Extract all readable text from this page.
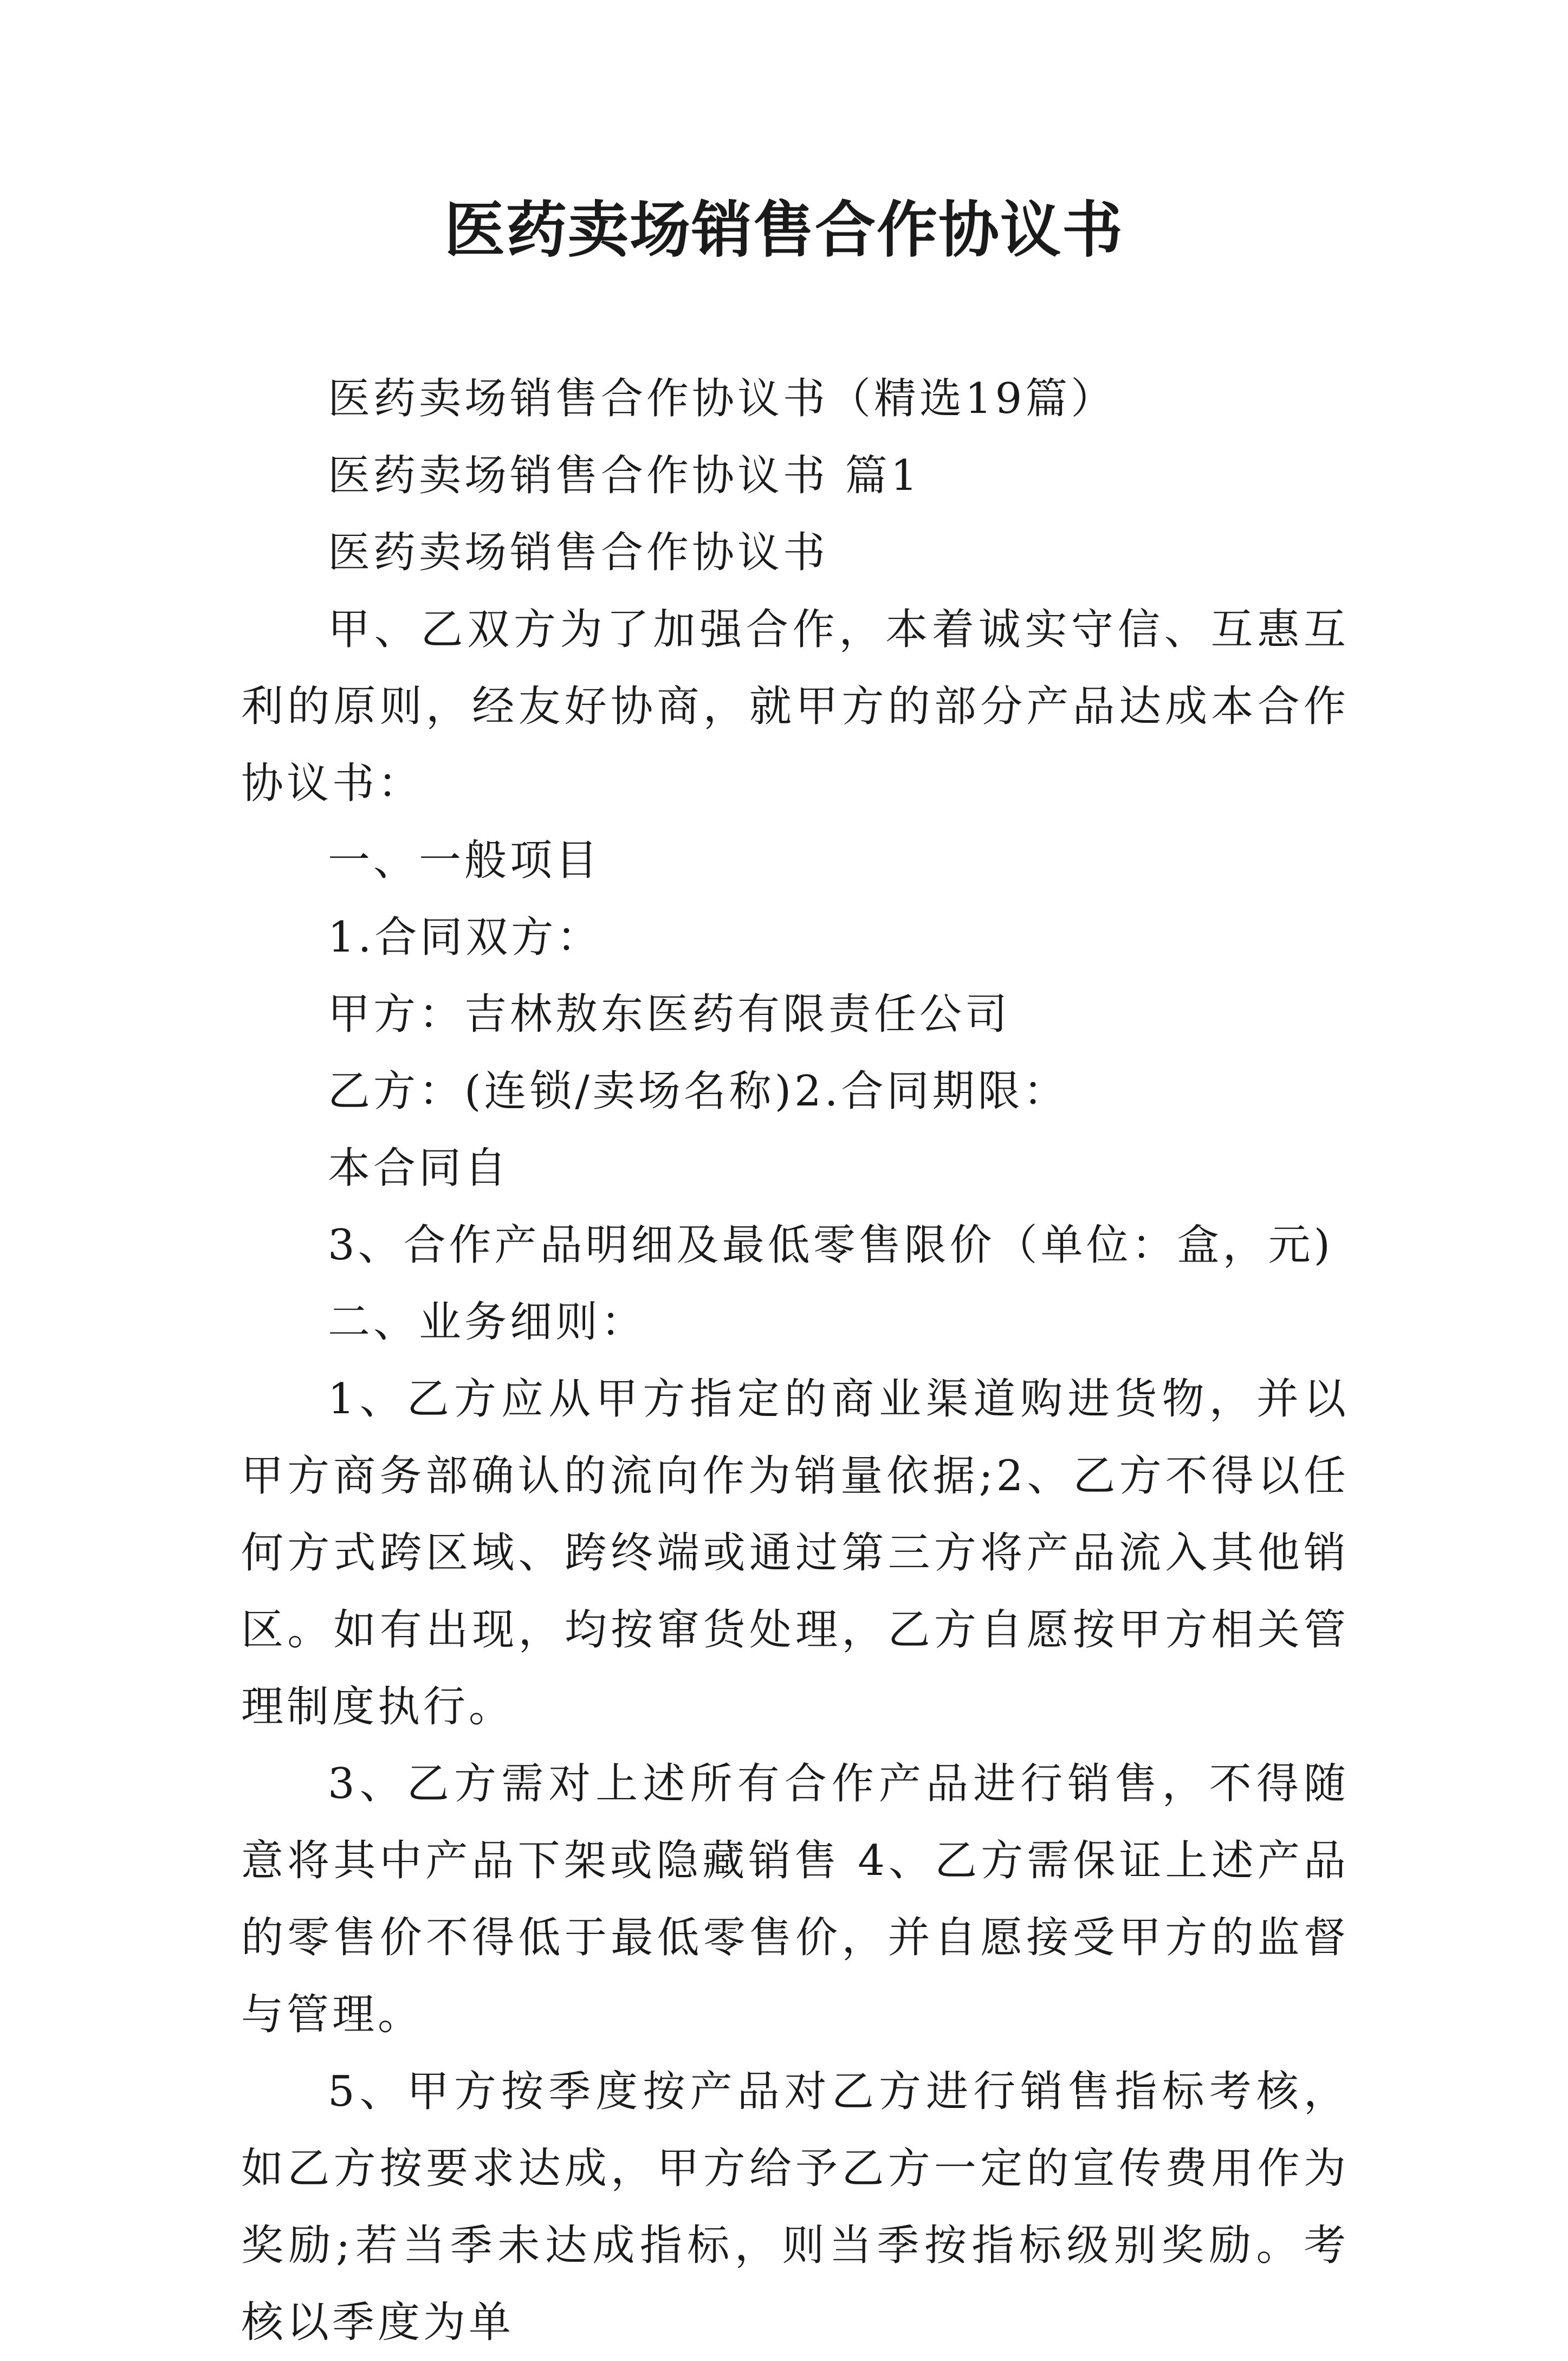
医药卖场销售合作协议书

医药卖场销售合作协议书（精选19篇）

医药卖场销售合作协议书 篇1

医药卖场销售合作协议书

甲、乙双方为了加强合作，本着诚实守信、互惠互利的原则，经友好协商，就甲方的部分产品达成本合作协议书：

一、一般项目

1.合同双方：

甲方：吉林敖东医药有限责任公司

乙方：(连锁/卖场名称)2.合同期限：

本合同自

3、合作产品明细及最低零售限价（单位：盒，元)

二、业务细则：

1、乙方应从甲方指定的商业渠道购进货物，并以甲方商务部确认的流向作为销量依据;2、乙方不得以任何方式跨区域、跨终端或通过第三方将产品流入其他销区。如有出现，均按窜货处理，乙方自愿按甲方相关管理制度执行。

3、乙方需对上述所有合作产品进行销售，不得随意将其中产品下架或隐藏销售 4、乙方需保证上述产品的零售价不得低于最低零售价，并自愿接受甲方的监督与管理。

5、甲方按季度按产品对乙方进行销售指标考核，如乙方按要求达成，甲方给予乙方一定的宣传费用作为奖励;若当季未达成指标，则当季按指标级别奖励。考核以季度为单
